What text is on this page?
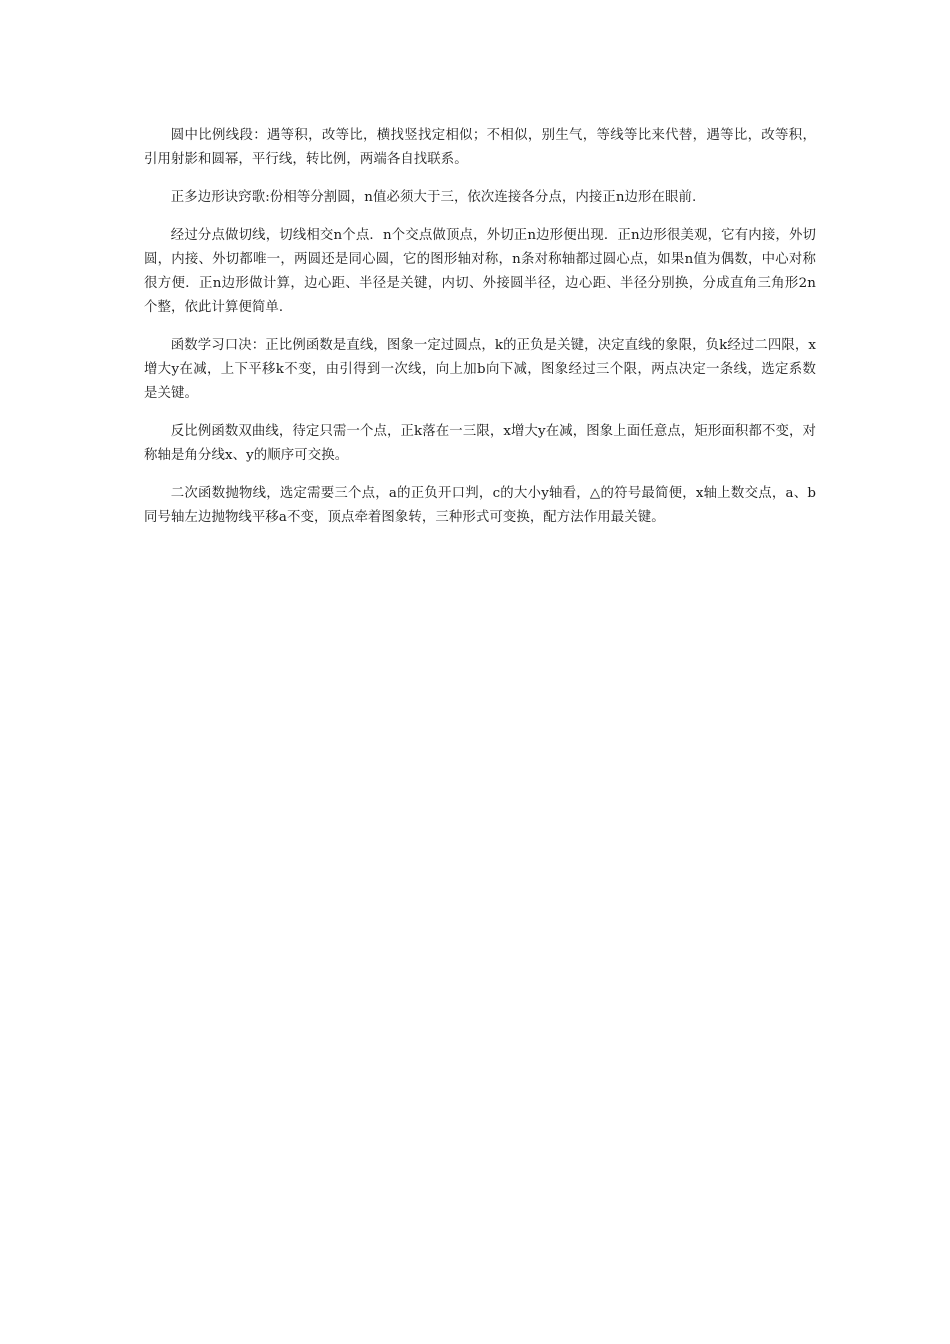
圆中比例线段：遇等积，改等比，横找竖找定相似；不相似，别生气，等线等比来代替，遇等比，改等积，引用射影和圆幂，平行线，转比例，两端各自找联系。

正多边形诀窍歌:份相等分割圆，n值必须大于三，依次连接各分点，内接正n边形在眼前.

经过分点做切线，切线相交n个点．n个交点做顶点，外切正n边形便出现．正n边形很美观，它有内接，外切圆，内接、外切都唯一，两圆还是同心圆，它的图形轴对称，n条对称轴都过圆心点，如果n值为偶数，中心对称很方便．正n边形做计算，边心距、半径是关键，内切、外接圆半径，边心距、半径分别换，分成直角三角形2n个整，依此计算便简单．

函数学习口决：正比例函数是直线，图象一定过圆点，k的正负是关键，决定直线的象限，负k经过二四限，x增大y在减，上下平移k不变，由引得到一次线，向上加b向下减，图象经过三个限，两点决定一条线，选定系数是关键。

反比例函数双曲线，待定只需一个点，正k落在一三限，x增大y在减，图象上面任意点，矩形面积都不变，对称轴是角分线x、y的顺序可交换。

二次函数抛物线，选定需要三个点，a的正负开口判，c的大小y轴看，△的符号最简便，x轴上数交点，a、b同号轴左边抛物线平移a不变，顶点牵着图象转，三种形式可变换，配方法作用最关键。
